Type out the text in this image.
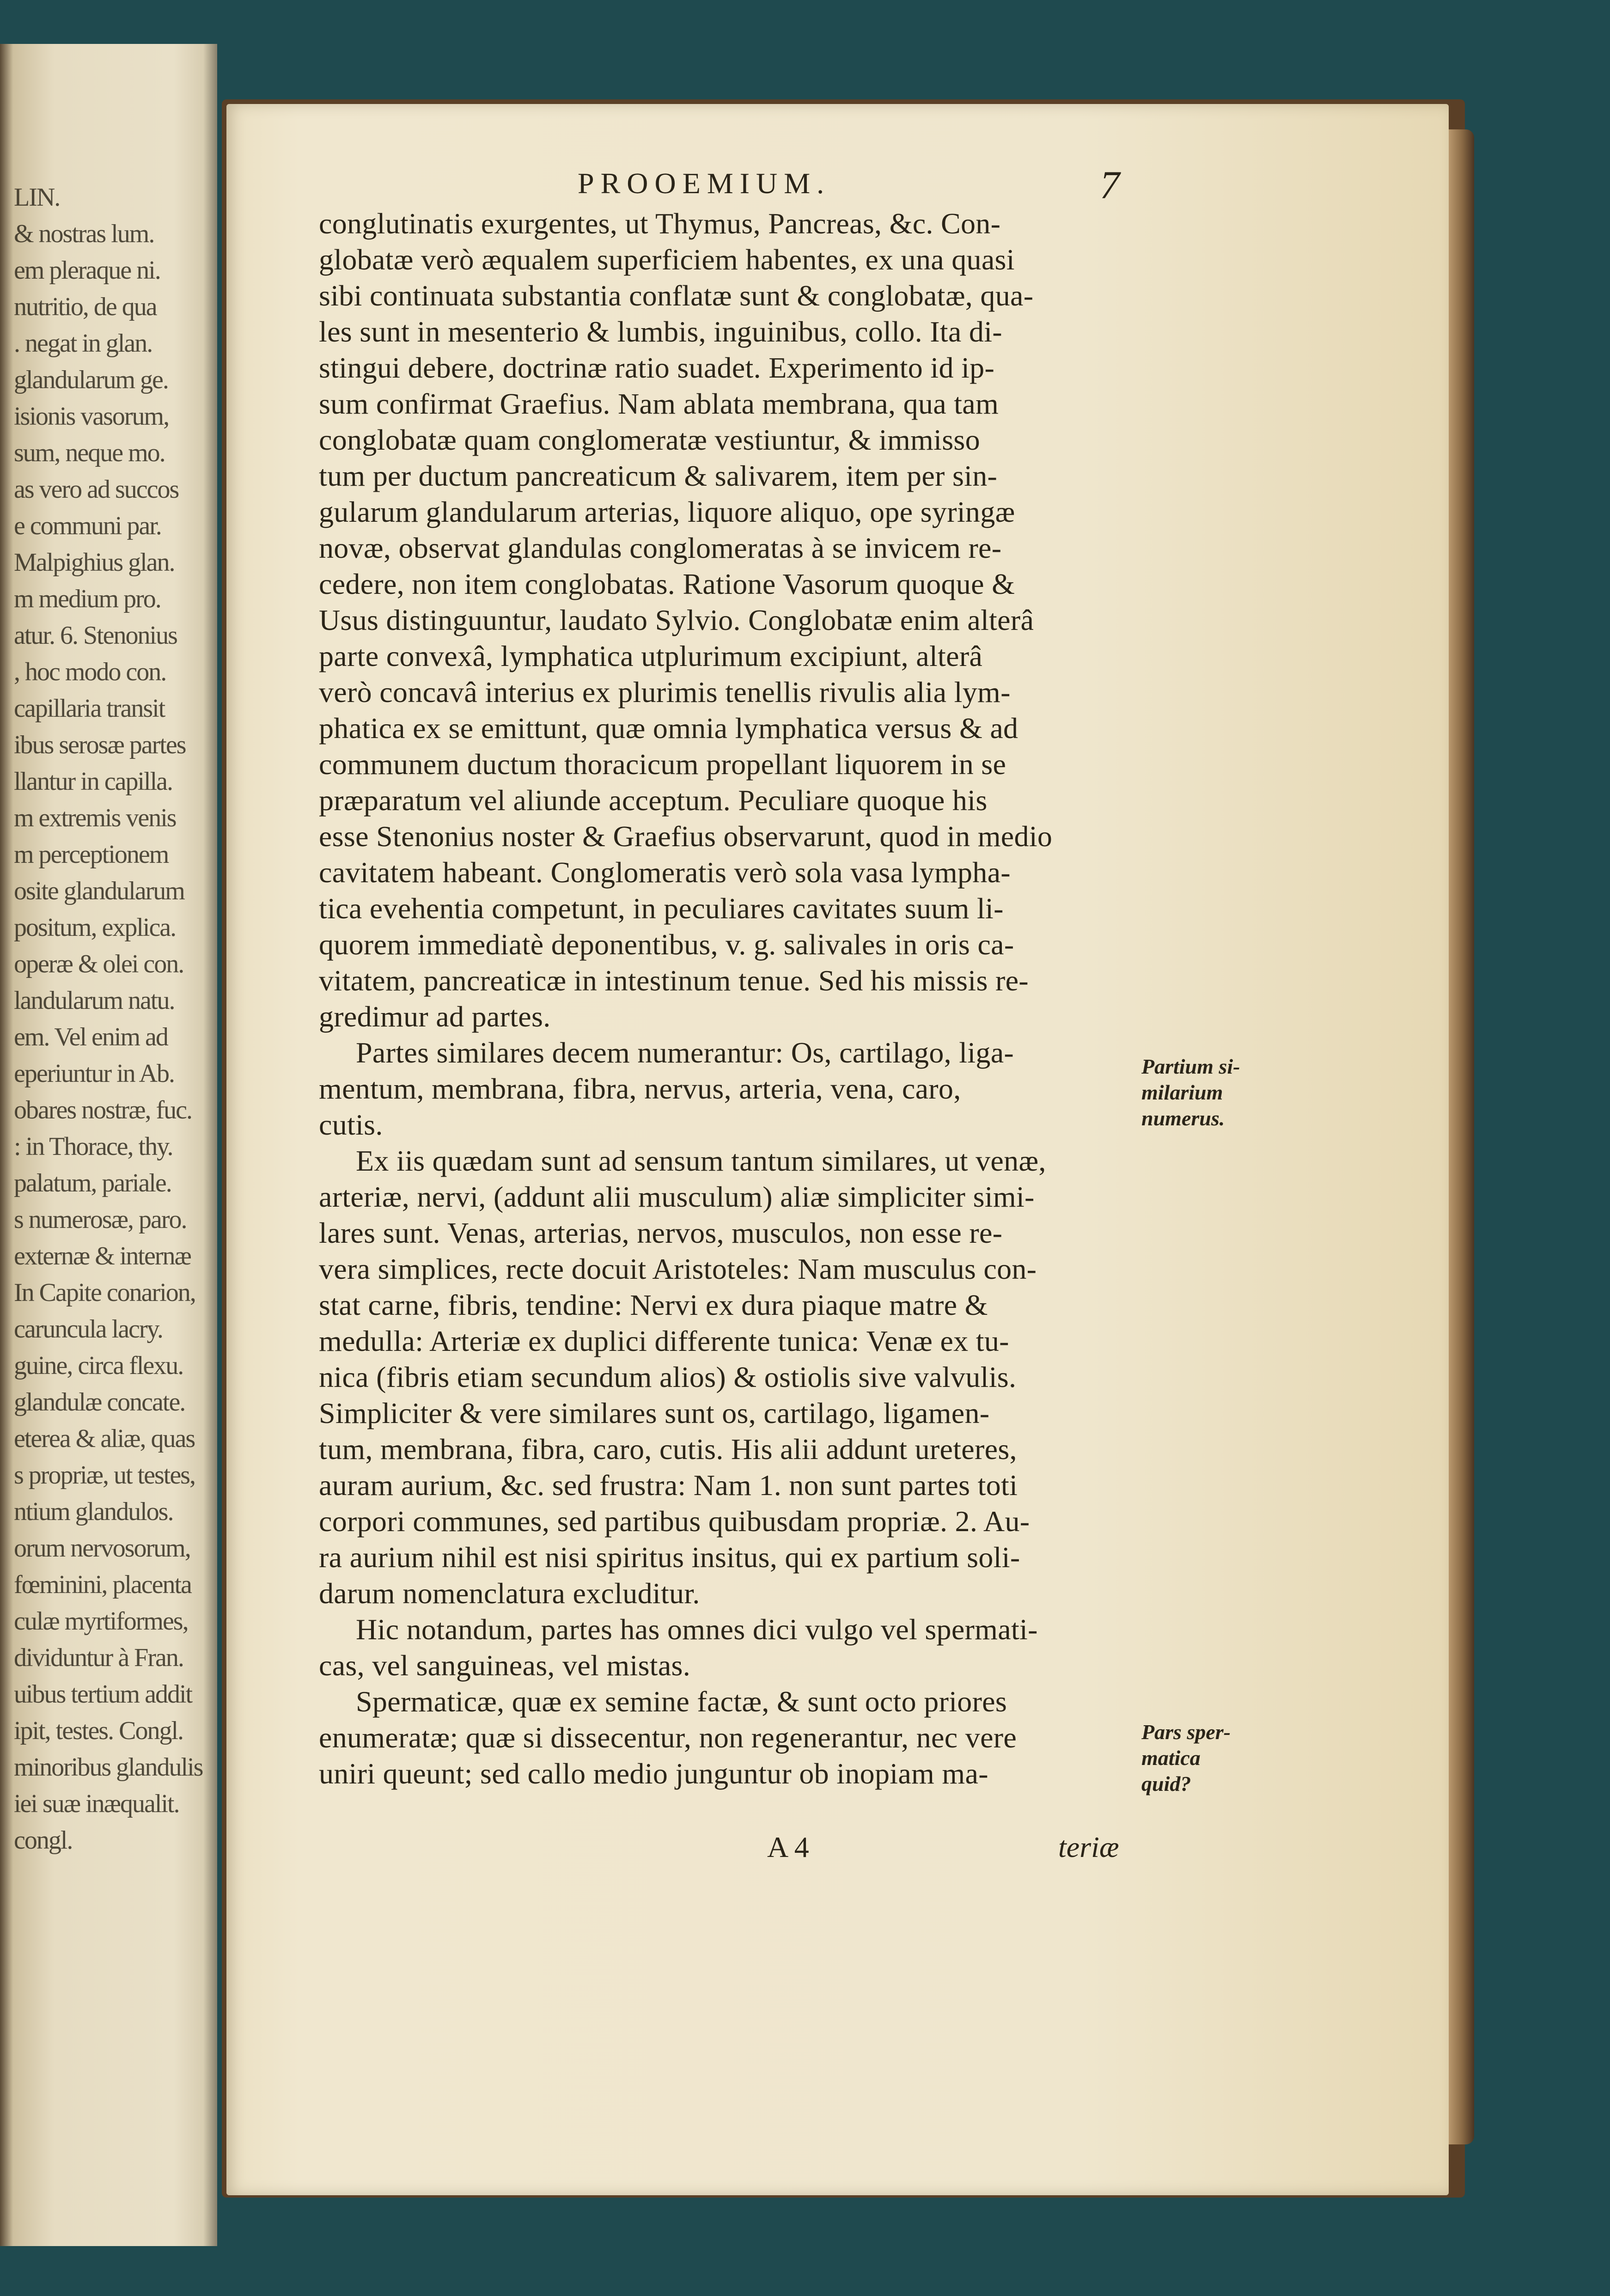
LIN.
& nostras lum.
em pleraque ni.
nutritio, de qua
. negat in glan.
glandularum ge.
isionis vasorum,
sum, neque mo.
as vero ad succos
e communi par.
Malpighius glan.
m medium pro.
atur. 6. Stenonius
, hoc modo con.
capillaria transit
ibus serosæ partes
llantur in capilla.
m extremis venis
m perceptionem
osite glandularum
positum, explica.
operæ & olei con.
landularum natu.
em. Vel enim ad
eperiuntur in Ab.
obares nostræ, fuc.
: in Thorace, thy.
palatum, pariale.
s numerosæ, paro.
externæ & internæ
In Capite conarion,
caruncula lacry.
guine, circa flexu.
glandulæ concate.
eterea & aliæ, quas
s propriæ, ut testes,
ntium glandulos.
orum nervosorum,
fœminini, placenta
culæ myrtiformes,
dividuntur à Fran.
uibus tertium addit
ipit, testes. Congl.
minoribus glandulis
iei suæ inæqualit.
congl.
PROOEMIUM.	7
conglutinatis exurgentes, ut Thymus, Pancreas, &c. Con-
globatæ verò æqualem superficiem habentes, ex una quasi
sibi continuata substantia conflatæ sunt & conglobatæ, qua-
les sunt in mesenterio & lumbis, inguinibus, collo. Ita di-
stingui debere, doctrinæ ratio suadet. Experimento id ip-
sum confirmat Graefius. Nam ablata membrana, qua tam
conglobatæ quam conglomeratæ vestiuntur, & immisso
tum per ductum pancreaticum & salivarem, item per sin-
gularum glandularum arterias, liquore aliquo, ope syringæ
novæ, observat glandulas conglomeratas à se invicem re-
cedere, non item conglobatas. Ratione Vasorum quoque &
Usus distinguuntur, laudato Sylvio. Conglobatæ enim alterâ
parte convexâ, lymphatica utplurimum excipiunt, alterâ
verò concavâ interius ex plurimis tenellis rivulis alia lym-
phatica ex se emittunt, quæ omnia lymphatica versus & ad
communem ductum thoracicum propellant liquorem in se
præparatum vel aliunde acceptum. Peculiare quoque his
esse Stenonius noster & Graefius observarunt, quod in medio
cavitatem habeant. Conglomeratis verò sola vasa lympha-
tica evehentia competunt, in peculiares cavitates suum li-
quorem immediatè deponentibus, v. g. salivales in oris ca-
vitatem, pancreaticæ in intestinum tenue. Sed his missis re-
gredimur ad partes.
Partes similares decem numerantur: Os, cartilago, liga-
mentum, membrana, fibra, nervus, arteria, vena, caro,
cutis.
Ex iis quædam sunt ad sensum tantum similares, ut venæ,
arteriæ, nervi, (addunt alii musculum) aliæ simpliciter simi-
lares sunt. Venas, arterias, nervos, musculos, non esse re-
vera simplices, recte docuit Aristoteles: Nam musculus con-
stat carne, fibris, tendine: Nervi ex dura piaque matre &
medulla: Arteriæ ex duplici differente tunica: Venæ ex tu-
nica (fibris etiam secundum alios) & ostiolis sive valvulis.
Simpliciter & vere similares sunt os, cartilago, ligamen-
tum, membrana, fibra, caro, cutis. His alii addunt ureteres,
auram aurium, &c. sed frustra: Nam 1. non sunt partes toti
corpori communes, sed partibus quibusdam propriæ. 2. Au-
ra aurium nihil est nisi spiritus insitus, qui ex partium soli-
darum nomenclatura excluditur.
Hic notandum, partes has omnes dici vulgo vel spermati-
cas, vel sanguineas, vel mistas.
Spermaticæ, quæ ex semine factæ, & sunt octo priores
enumeratæ; quæ si dissecentur, non regenerantur, nec vere
uniri queunt; sed callo medio junguntur ob inopiam ma-
Partium si-
milarium
numerus.
Pars sper-
matica
quid?
A 4	teriæ
